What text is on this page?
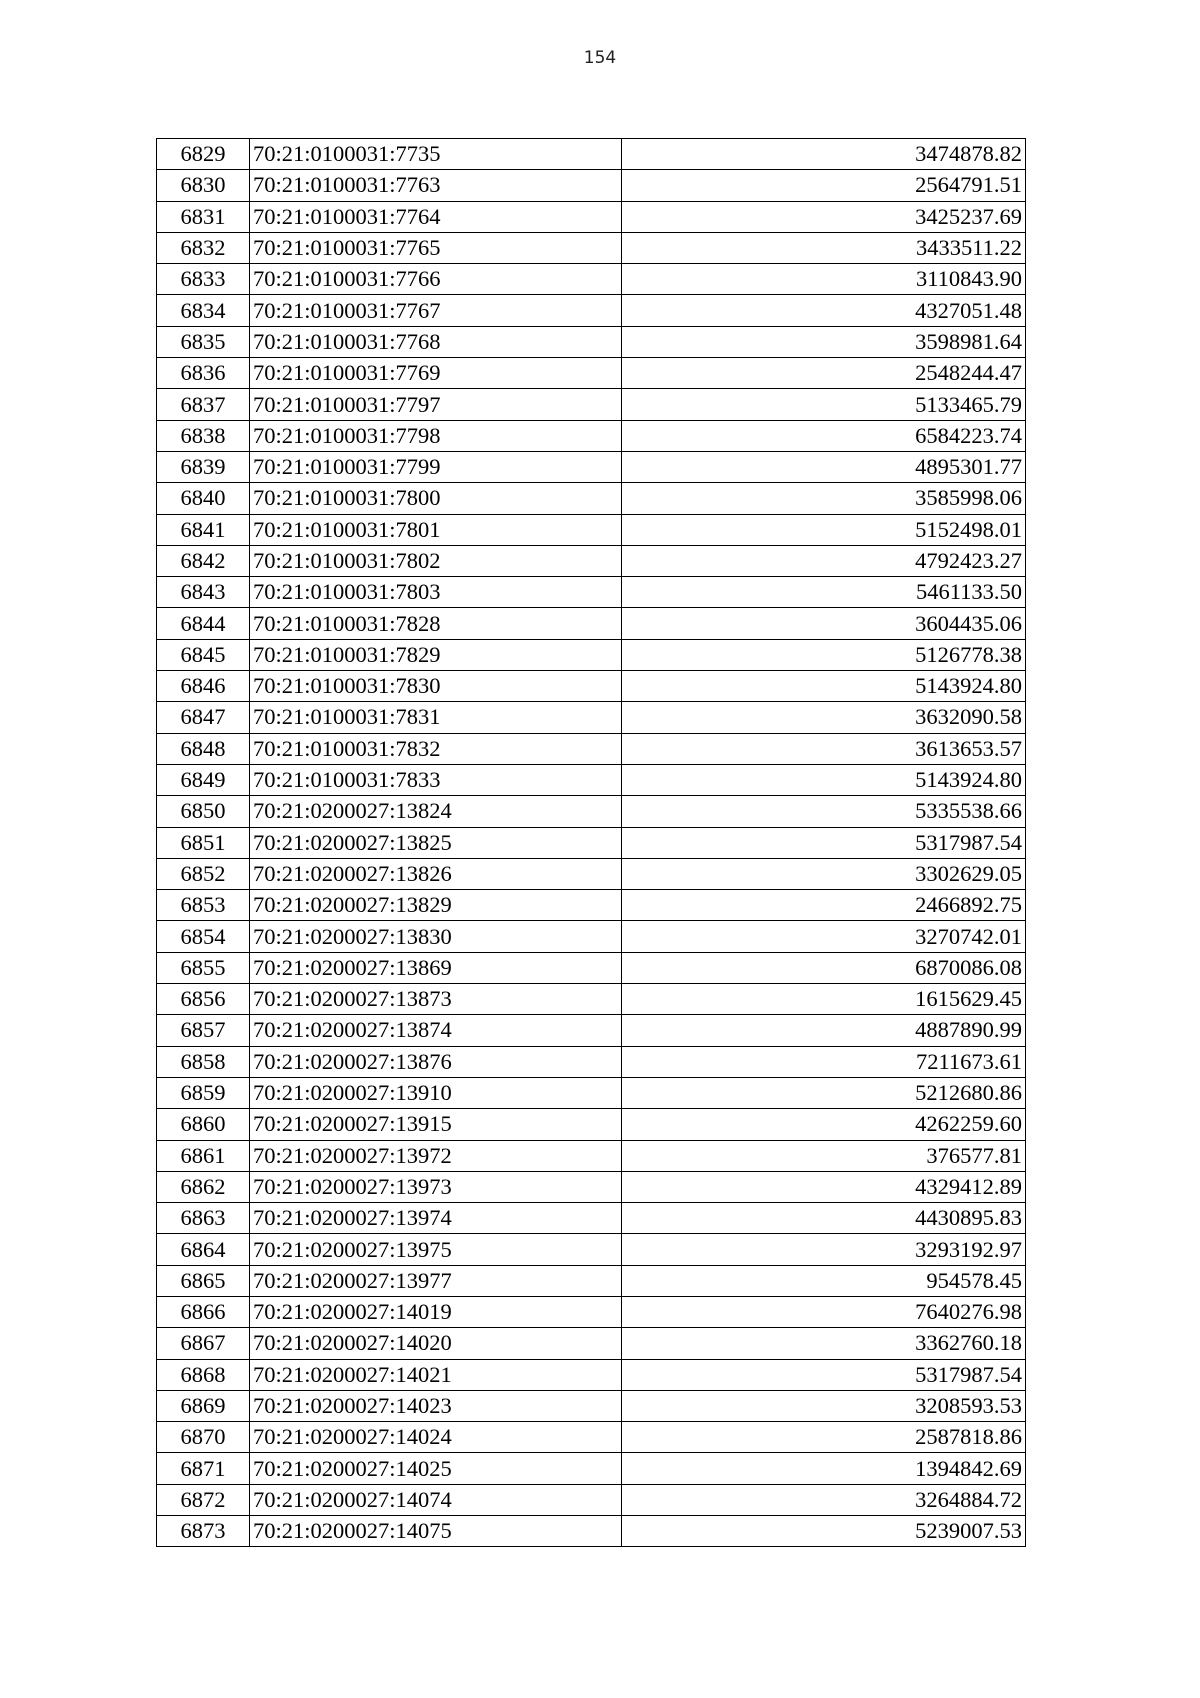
154
6829	70:21:0100031:7735	3474878.82
6830	70:21:0100031:7763	2564791.51
6831	70:21:0100031:7764	3425237.69
6832	70:21:0100031:7765	3433511.22
6833	70:21:0100031:7766	3110843.90
6834	70:21:0100031:7767	4327051.48
6835	70:21:0100031:7768	3598981.64
6836	70:21:0100031:7769	2548244.47
6837	70:21:0100031:7797	5133465.79
6838	70:21:0100031:7798	6584223.74
6839	70:21:0100031:7799	4895301.77
6840	70:21:0100031:7800	3585998.06
6841	70:21:0100031:7801	5152498.01
6842	70:21:0100031:7802	4792423.27
6843	70:21:0100031:7803	5461133.50
6844	70:21:0100031:7828	3604435.06
6845	70:21:0100031:7829	5126778.38
6846	70:21:0100031:7830	5143924.80
6847	70:21:0100031:7831	3632090.58
6848	70:21:0100031:7832	3613653.57
6849	70:21:0100031:7833	5143924.80
6850	70:21:0200027:13824	5335538.66
6851	70:21:0200027:13825	5317987.54
6852	70:21:0200027:13826	3302629.05
6853	70:21:0200027:13829	2466892.75
6854	70:21:0200027:13830	3270742.01
6855	70:21:0200027:13869	6870086.08
6856	70:21:0200027:13873	1615629.45
6857	70:21:0200027:13874	4887890.99
6858	70:21:0200027:13876	7211673.61
6859	70:21:0200027:13910	5212680.86
6860	70:21:0200027:13915	4262259.60
6861	70:21:0200027:13972	376577.81
6862	70:21:0200027:13973	4329412.89
6863	70:21:0200027:13974	4430895.83
6864	70:21:0200027:13975	3293192.97
6865	70:21:0200027:13977	954578.45
6866	70:21:0200027:14019	7640276.98
6867	70:21:0200027:14020	3362760.18
6868	70:21:0200027:14021	5317987.54
6869	70:21:0200027:14023	3208593.53
6870	70:21:0200027:14024	2587818.86
6871	70:21:0200027:14025	1394842.69
6872	70:21:0200027:14074	3264884.72
6873	70:21:0200027:14075	5239007.53
